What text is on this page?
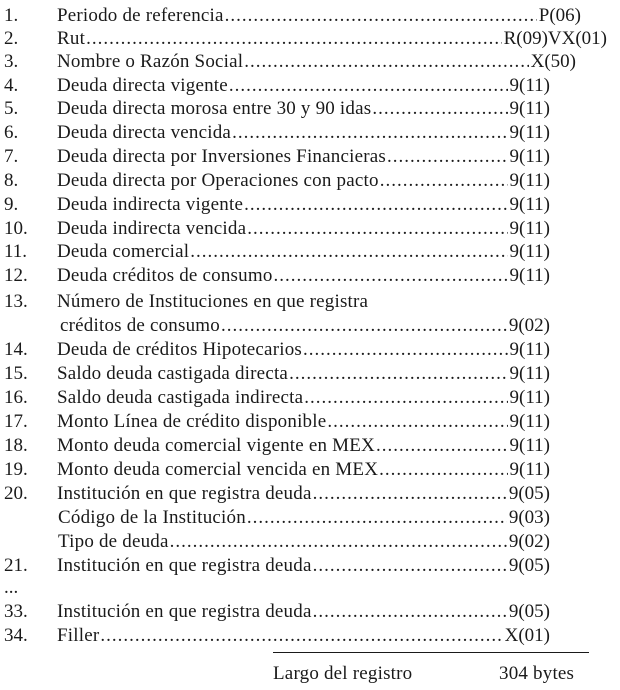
1. Periodo de referencia .....	P(06)
2. Rut .....	R(09)VX(01)
3. Nombre o Razón Social .....	X(50)
4. Deuda directa vigente .....	9(11)
5. Deuda directa morosa entre 30 y 90 idas .....	9(11)
6. Deuda directa vencida .....	9(11)
7. Deuda directa por Inversiones Financieras .....	9(11)
8. Deuda directa por Operaciones con pacto .....	9(11)
9. Deuda indirecta vigente .....	9(11)
10. Deuda indirecta vencida .....	9(11)
11. Deuda comercial .....	9(11)
12. Deuda créditos de consumo .....	9(11)
13. Número de Instituciones en que registra
créditos de consumo .....	9(02)
14. Deuda de créditos Hipotecarios .....	9(11)
15. Saldo deuda castigada directa .....	9(11)
16. Saldo deuda castigada indirecta .....	9(11)
17. Monto Línea de crédito disponible .....	9(11)
18. Monto deuda comercial vigente en MEX .....	9(11)
19. Monto deuda comercial vencida en MEX .....	9(11)
20. Institución en que registra deuda .....	9(05)
Código de la Institución .....	9(03)
Tipo de deuda .....	9(02)
21. Institución en que registra deuda .....	9(05)
...
33. Institución en que registra deuda .....	9(05)
34. Filler .....	X(01)
Largo del registro	304 bytes
